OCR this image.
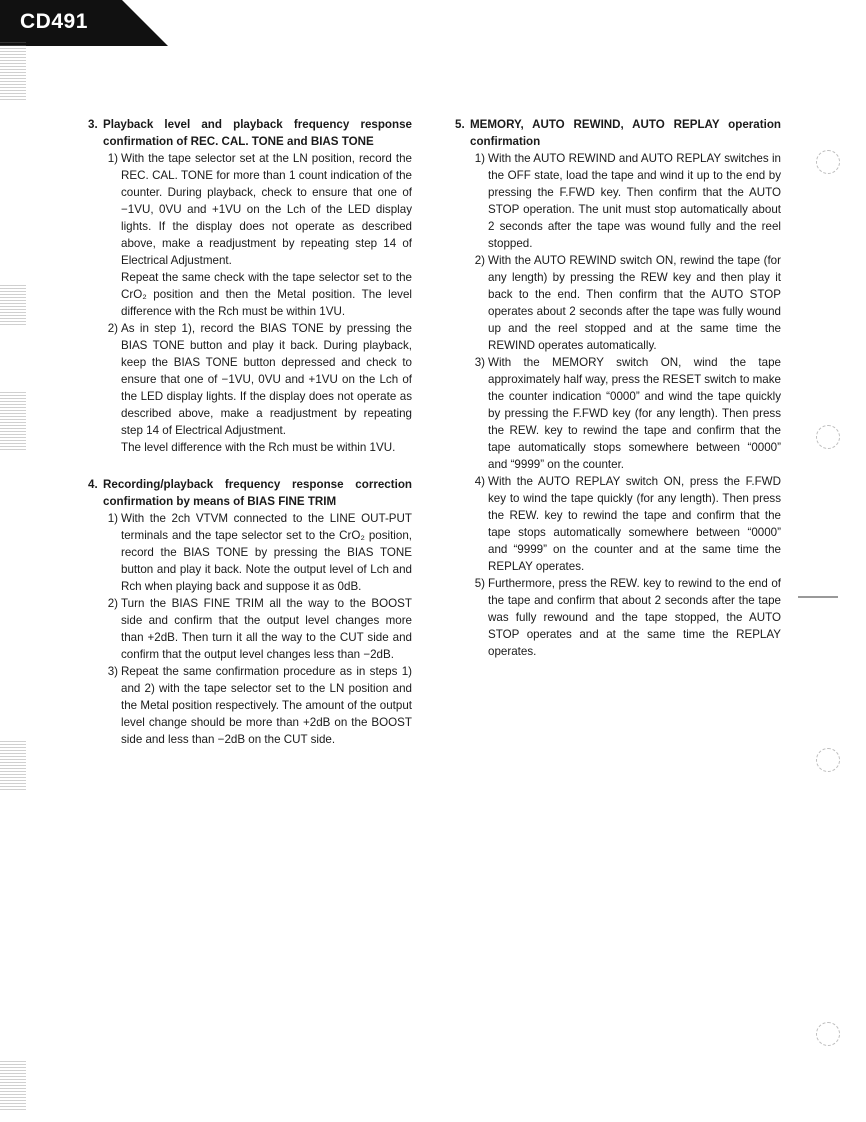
CD491
3. Playback level and playback frequency response confirmation of REC. CAL. TONE and BIAS TONE
1) With the tape selector set at the LN position, record the REC. CAL. TONE for more than 1 count indication of the counter. During playback, check to ensure that one of −1VU, 0VU and +1VU on the Lch of the LED display lights. If the display does not operate as described above, make a readjustment by repeating step 14 of Electrical Adjustment.

Repeat the same check with the tape selector set to the CrO₂ position and then the Metal position. The level difference with the Rch must be within 1VU.

2) As in step 1), record the BIAS TONE by pressing the BIAS TONE button and play it back. During playback, keep the BIAS TONE button depressed and check to ensure that one of −1VU, 0VU and +1VU on the Lch of the LED display lights. If the display does not operate as described above, make a readjustment by repeating step 14 of Electrical Adjustment.

The level difference with the Rch must be within 1VU.

4. Recording/playback frequency response correction confirmation by means of BIAS FINE TRIM
1) With the 2ch VTVM connected to the LINE OUT-PUT terminals and the tape selector set to the CrO₂ position, record the BIAS TONE by pressing the BIAS TONE button and play it back. Note the output level of Lch and Rch when playing back and suppose it as 0dB.

2) Turn the BIAS FINE TRIM all the way to the BOOST side and confirm that the output level changes more than +2dB. Then turn it all the way to the CUT side and confirm that the output level changes less than −2dB.

3) Repeat the same confirmation procedure as in steps 1) and 2) with the tape selector set to the LN position and the Metal position respectively. The amount of the output level change should be more than +2dB on the BOOST side and less than −2dB on the CUT side.

5. MEMORY, AUTO REWIND, AUTO REPLAY operation confirmation
1) With the AUTO REWIND and AUTO REPLAY switches in the OFF state, load the tape and wind it up to the end by pressing the F.FWD key. Then confirm that the AUTO STOP operation. The unit must stop automatically about 2 seconds after the tape was wound fully and the reel stopped.

2) With the AUTO REWIND switch ON, rewind the tape (for any length) by pressing the REW key and then play it back to the end. Then confirm that the AUTO STOP operates about 2 seconds after the tape was fully wound up and the reel stopped and at the same time the REWIND operates automatically.

3) With the MEMORY switch ON, wind the tape approximately half way, press the RESET switch to make the counter indication “0000” and wind the tape quickly by pressing the F.FWD key (for any length). Then press the REW. key to rewind the tape and confirm that the tape automatically stops somewhere between “0000” and “9999” on the counter.

4) With the AUTO REPLAY switch ON, press the F.FWD key to wind the tape quickly (for any length). Then press the REW. key to rewind the tape and confirm that the tape stops automatically somewhere between “0000” and “9999” on the counter and at the same time the REPLAY operates.

5) Furthermore, press the REW. key to rewind to the end of the tape and confirm that about 2 seconds after the tape was fully rewound and the tape stopped, the AUTO STOP operates and at the same time the REPLAY operates.
